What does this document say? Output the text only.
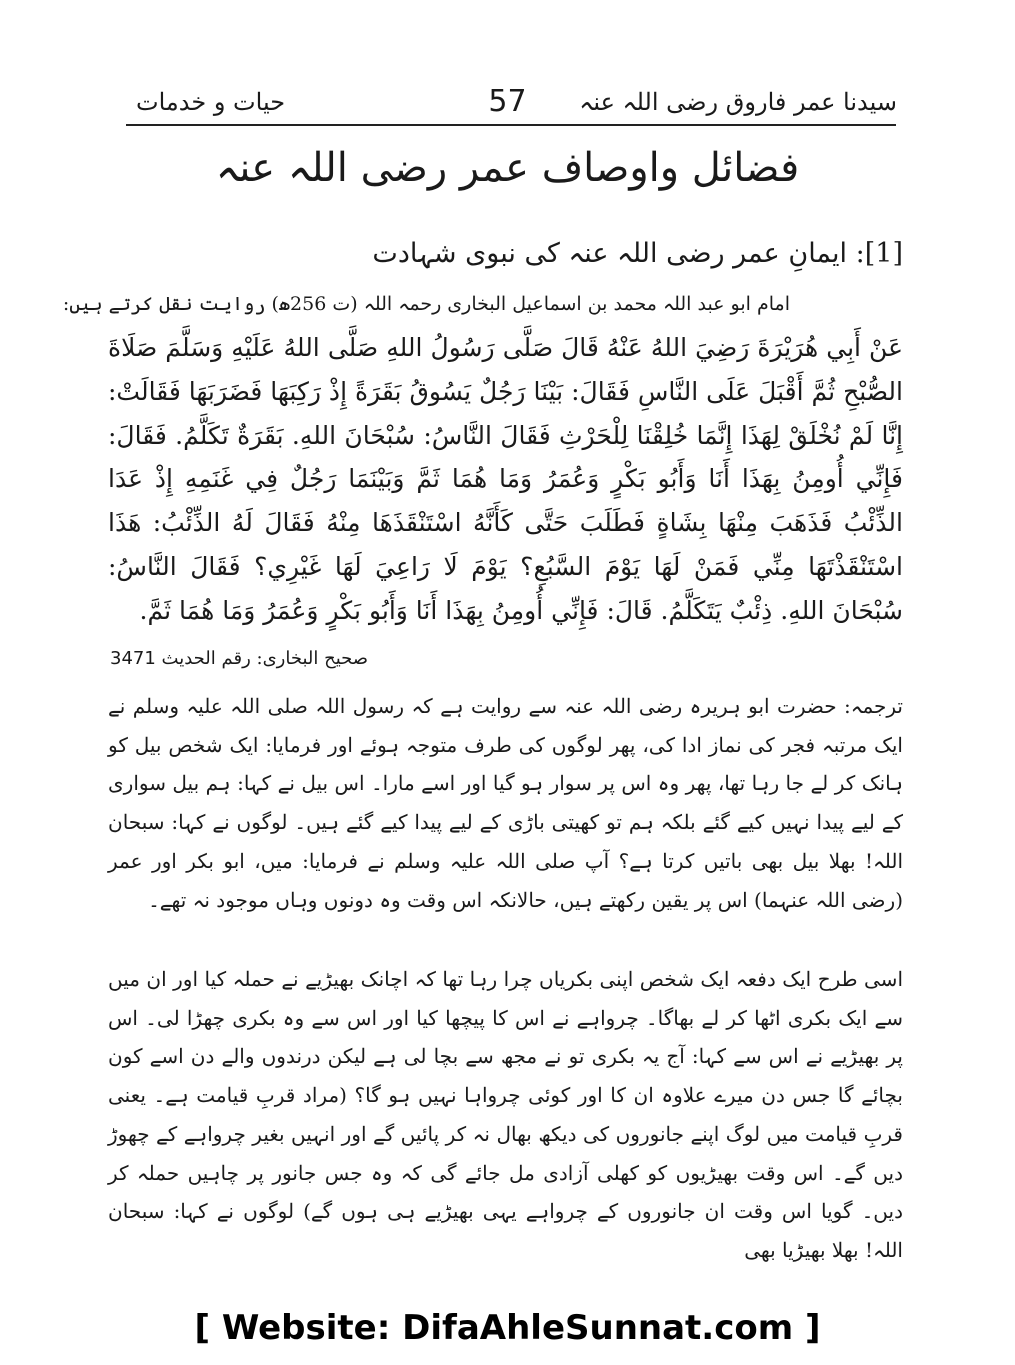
سیدنا عمر فاروق رضی اللہ عنہ
57
حیات و خدمات
فضائل واوصاف عمر رضی اللہ عنہ
[1]: ایمانِ عمر رضی اللہ عنہ کی نبوی شہادت
امام ابو عبد اللہ محمد بن اسماعیل البخاری رحمہ اللہ (ت 256ھ) روایت نقل کرتے ہیں:
عَنْ أَبِي هُرَيْرَةَ رَضِيَ اللهُ عَنْهُ قَالَ صَلَّى رَسُولُ اللهِ صَلَّى اللهُ عَلَيْهِ وَسَلَّمَ صَلَاةَ الصُّبْحِ ثُمَّ أَقْبَلَ عَلَى النَّاسِ فَقَالَ: بَيْنَا رَجُلٌ يَسُوقُ بَقَرَةً إِذْ رَكِبَهَا فَضَرَبَهَا فَقَالَتْ: إِنَّا لَمْ نُخْلَقْ لِهَذَا إِنَّمَا خُلِقْنَا لِلْحَرْثِ فَقَالَ النَّاسُ: سُبْحَانَ اللهِ. بَقَرَةٌ تَكَلَّمُ. فَقَالَ: فَإِنِّي أُومِنُ بِهَذَا أَنَا وَأَبُو بَكْرٍ وَعُمَرُ وَمَا هُمَا ثَمَّ وَبَيْنَمَا رَجُلٌ فِي غَنَمِهِ إِذْ عَدَا الذِّئْبُ فَذَهَبَ مِنْهَا بِشَاةٍ فَطَلَبَ حَتَّى كَأَنَّهُ اسْتَنْقَذَهَا مِنْهُ فَقَالَ لَهُ الذِّئْبُ: هَذَا اسْتَنْقَذْتَهَا مِنِّي فَمَنْ لَهَا يَوْمَ السَّبُعِ؟ يَوْمَ لَا رَاعِيَ لَهَا غَيْرِي؟ فَقَالَ النَّاسُ: سُبْحَانَ اللهِ. ذِئْبٌ يَتَكَلَّمُ. قَالَ: فَإِنِّي أُومِنُ بِهَذَا أَنَا وَأَبُو بَكْرٍ وَعُمَرُ وَمَا هُمَا ثَمَّ.
صحیح البخاری: رقم الحدیث 3471

ترجمہ: حضرت ابو ہریرہ رضی اللہ عنہ سے روایت ہے کہ رسول اللہ صلی اللہ علیہ وسلم نے ایک مرتبہ فجر کی نماز ادا کی، پھر لوگوں کی طرف متوجہ ہوئے اور فرمایا: ایک شخص بیل کو ہانک کر لے جا رہا تھا، پھر وہ اس پر سوار ہو گیا اور اسے مارا۔ اس بیل نے کہا: ہم بیل سواری کے لیے پیدا نہیں کیے گئے بلکہ ہم تو کھیتی باڑی کے لیے پیدا کیے گئے ہیں۔ لوگوں نے کہا: سبحان اللہ! بھلا بیل بھی باتیں کرتا ہے؟ آپ صلی اللہ علیہ وسلم نے فرمایا: میں، ابو بکر اور عمر (رضی اللہ عنہما) اس پر یقین رکھتے ہیں، حالانکہ اس وقت وہ دونوں وہاں موجود نہ تھے۔

اسی طرح ایک دفعہ ایک شخص اپنی بکریاں چرا رہا تھا کہ اچانک بھیڑیے نے حملہ کیا اور ان میں سے ایک بکری اٹھا کر لے بھاگا۔ چرواہے نے اس کا پیچھا کیا اور اس سے وہ بکری چھڑا لی۔ اس پر بھیڑیے نے اس سے کہا: آج یہ بکری تو نے مجھ سے بچا لی ہے لیکن درندوں والے دن اسے کون بچائے گا جس دن میرے علاوہ ان کا اور کوئی چرواہا نہیں ہو گا؟ (مراد قربِ قیامت ہے۔ یعنی قربِ قیامت میں لوگ اپنے جانوروں کی دیکھ بھال نہ کر پائیں گے اور انہیں بغیر چرواہے کے چھوڑ دیں گے۔ اس وقت بھیڑیوں کو کھلی آزادی مل جائے گی کہ وہ جس جانور پر چاہیں حملہ کر دیں۔ گویا اس وقت ان جانوروں کے چرواہے یہی بھیڑیے ہی ہوں گے) لوگوں نے کہا: سبحان اللہ! بھلا بھیڑیا بھی

[ Website: DifaAhleSunnat.com ]
